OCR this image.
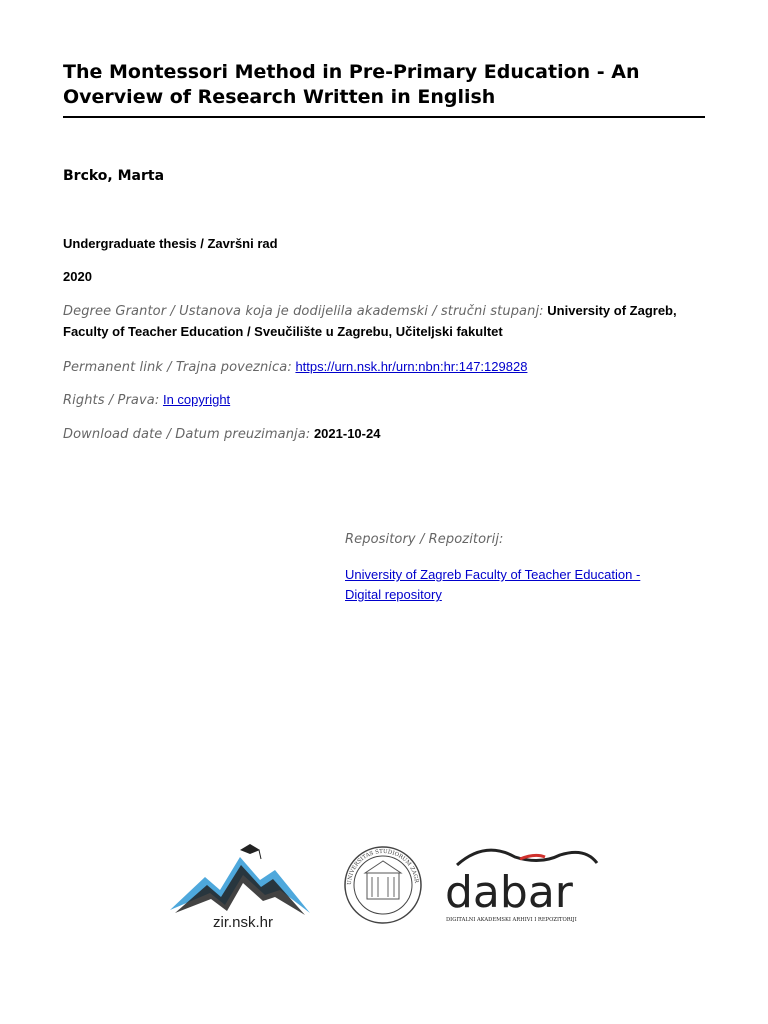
The Montessori Method in Pre-Primary Education - An Overview of Research Written in English
Brcko, Marta
Undergraduate thesis / Završni rad
2020
Degree Grantor / Ustanova koja je dodijelila akademski / stručni stupanj: University of Zagreb, Faculty of Teacher Education / Sveučilište u Zagrebu, Učiteljski fakultet
Permanent link / Trajna poveznica: https://urn.nsk.hr/urn:nbn:hr:147:129828
Rights / Prava: In copyright
Download date / Datum preuzimanja: 2021-10-24
Repository / Repozitorij:
University of Zagreb Faculty of Teacher Education - Digital repository
zir.nsk.hr
UNIVERSITAS STUDIORUM ZAGR dabar
DIGITALNI AKADEMSKI ARHIVI I REPOZITORIJI
